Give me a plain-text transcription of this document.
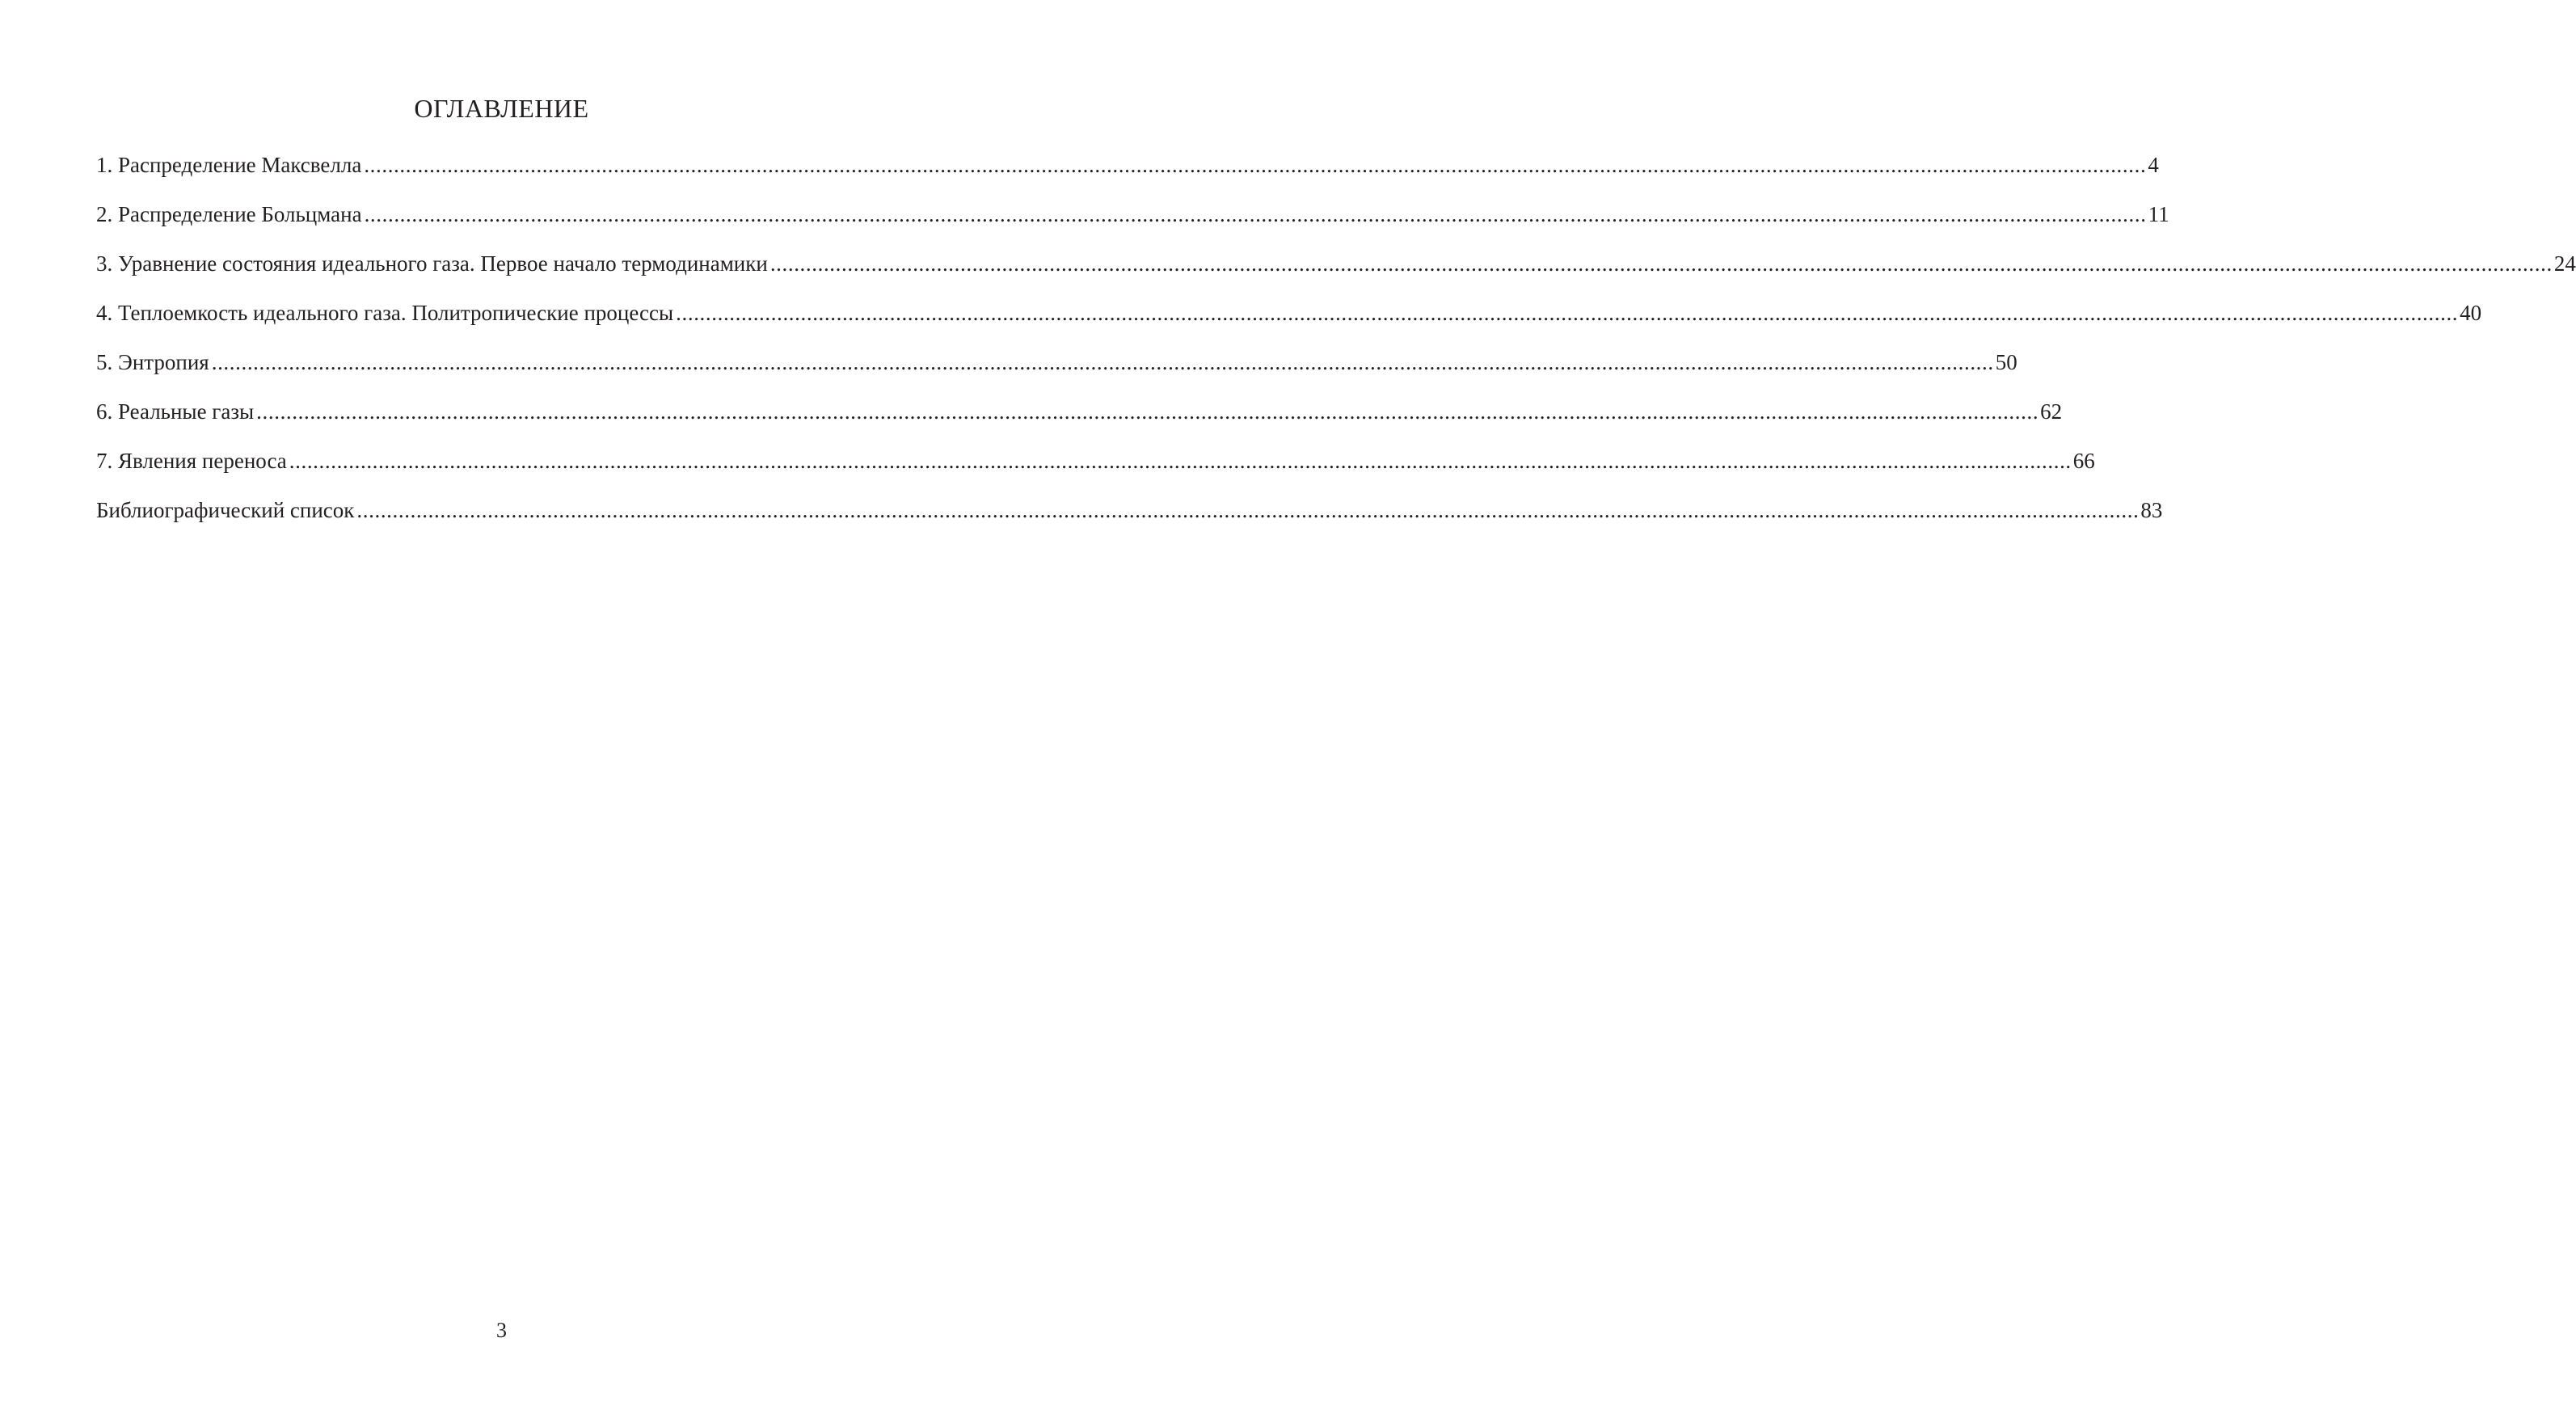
ОГЛАВЛЕНИЕ
1. Распределение Максвелла ............................................................................................................................................................................................................................................................................................................ 4
2. Распределение Больцмана ............................................................................................................................................................................................................................................................................................................ 11
3. Уравнение состояния идеального газа. Первое начало термодинамики ............................................................................................................................................................................................................................................................................................................ 24
4. Теплоемкость идеального газа. Политропические процессы ............................................................................................................................................................................................................................................................................................................ 40
5. Энтропия ............................................................................................................................................................................................................................................................................................................ 50
6. Реальные газы ............................................................................................................................................................................................................................................................................................................ 62
7. Явления переноса ............................................................................................................................................................................................................................................................................................................ 66
Библиографический список ............................................................................................................................................................................................................................................................................................................ 83
3
